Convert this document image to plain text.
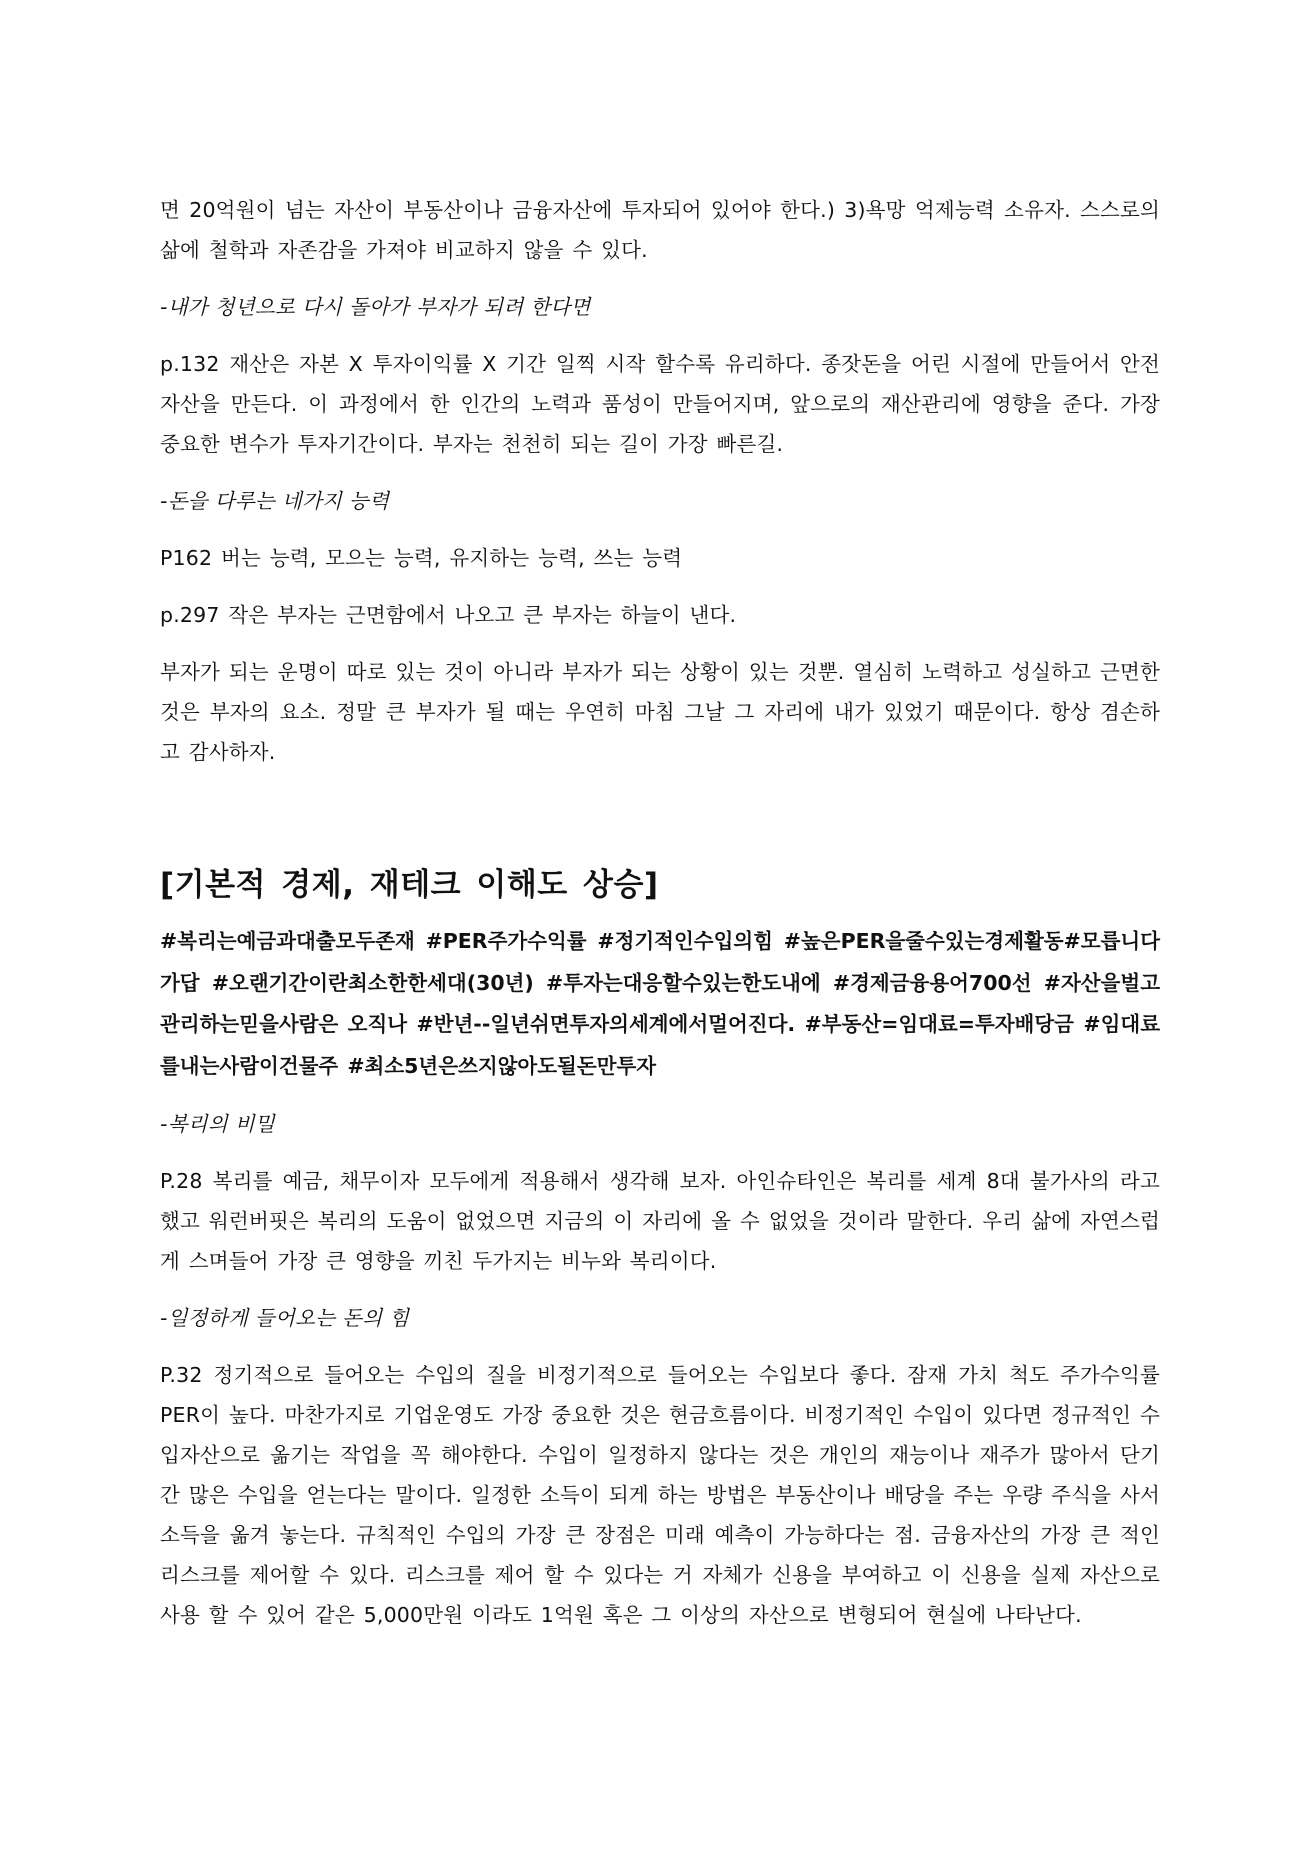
면 20억원이 넘는 자산이 부동산이나 금융자산에 투자되어 있어야 한다.) 3)욕망 억제능력 소유자. 스스로의 삶에 철학과 자존감을 가져야 비교하지 않을 수 있다.

-내가 청년으로 다시 돌아가 부자가 되려 한다면

p.132 재산은 자본 X 투자이익률 X 기간 일찍 시작 할수록 유리하다. 종잣돈을 어린 시절에 만들어서 안전자산을 만든다. 이 과정에서 한 인간의 노력과 품성이 만들어지며, 앞으로의 재산관리에 영향을 준다. 가장 중요한 변수가 투자기간이다. 부자는 천천히 되는 길이 가장 빠른길.

-돈을 다루는 네가지 능력

P162 버는 능력, 모으는 능력, 유지하는 능력, 쓰는 능력

p.297 작은 부자는 근면함에서 나오고 큰 부자는 하늘이 낸다.

부자가 되는 운명이 따로 있는 것이 아니라 부자가 되는 상황이 있는 것뿐. 열심히 노력하고 성실하고 근면한 것은 부자의 요소. 정말 큰 부자가 될 때는 우연히 마침 그날 그 자리에 내가 있었기 때문이다. 항상 겸손하고 감사하자.

[기본적 경제, 재테크 이해도 상승]

#복리는예금과대출모두존재 #PER주가수익률 #정기적인수입의힘 #높은PER을줄수있는경제활동#모릅니다가답 #오랜기간이란최소한한세대(30년) #투자는대응할수있는한도내에 #경제금융용어700선 #자산을벌고관리하는믿을사람은 오직나 #반년--일년쉬면투자의세계에서멀어진다. #부동산=임대료=투자배당금 #임대료를내는사람이건물주 #최소5년은쓰지않아도될돈만투자

-복리의 비밀

P.28 복리를 예금, 채무이자 모두에게 적용해서 생각해 보자. 아인슈타인은 복리를 세계 8대 불가사의 라고 했고 워런버핏은 복리의 도움이 없었으면 지금의 이 자리에 올 수 없었을 것이라 말한다. 우리 삶에 자연스럽게 스며들어 가장 큰 영향을 끼친 두가지는 비누와 복리이다.

-일정하게 들어오는 돈의 힘

P.32 정기적으로 들어오는 수입의 질을 비정기적으로 들어오는 수입보다 좋다. 잠재 가치 척도 주가수익률 PER이 높다. 마찬가지로 기업운영도 가장 중요한 것은 현금흐름이다. 비정기적인 수입이 있다면 정규적인 수입자산으로 옮기는 작업을 꼭 해야한다. 수입이 일정하지 않다는 것은 개인의 재능이나 재주가 많아서 단기간 많은 수입을 얻는다는 말이다. 일정한 소득이 되게 하는 방법은 부동산이나 배당을 주는 우량 주식을 사서 소득을 옮겨 놓는다. 규칙적인 수입의 가장 큰 장점은 미래 예측이 가능하다는 점. 금융자산의 가장 큰 적인 리스크를 제어할 수 있다. 리스크를 제어 할 수 있다는 거 자체가 신용을 부여하고 이 신용을 실제 자산으로 사용 할 수 있어 같은 5,000만원 이라도 1억원 혹은 그 이상의 자산으로 변형되어 현실에 나타난다.
